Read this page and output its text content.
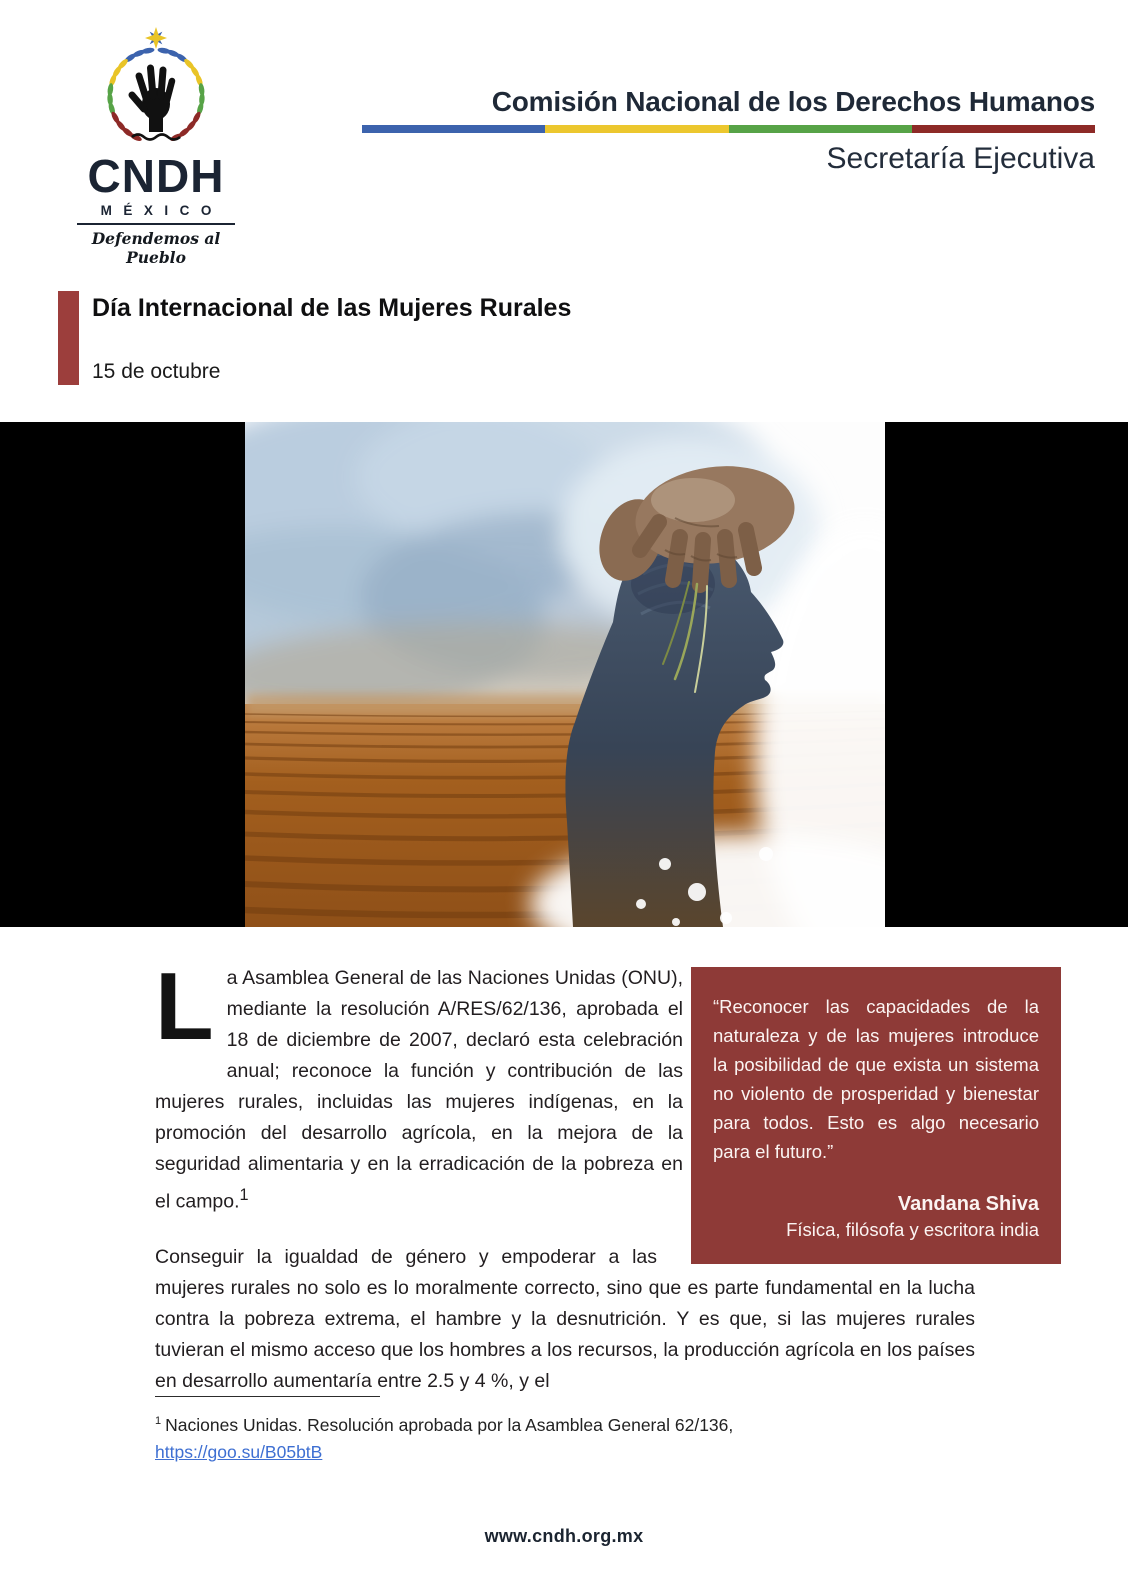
CNDH
MÉXICO
Defendemos al Pueblo
Comisión Nacional de los Derechos Humanos
Secretaría Ejecutiva
Día Internacional de las Mujeres Rurales
15 de octubre

La Asamblea General de las Naciones Unidas (ONU), mediante la resolución A/RES/62/136, aprobada el 18 de diciembre de 2007, declaró esta celebración anual; reconoce la función y contribución de las mujeres rurales, incluidas las mujeres indígenas, en la promoción del desarrollo agrícola, en la mejora de la seguridad alimentaria y en la erradicación de la pobreza en el campo.$^1$

Conseguir la igualdad de género y empoderar a las mujeres rurales no solo es lo moralmente correcto, sino que es parte fundamental en la lucha contra la pobreza extrema, el hambre y la desnutrición. Y es que, si las mujeres rurales tuvieran el mismo acceso que los hombres a los recursos, la producción agrícola en los países en desarrollo aumentaría entre 2.5 y 4 %, y el

“Reconocer las capacidades de la naturaleza y de las mujeres introduce la posibilidad de que exista un sistema no violento de prosperidad y bienestar para todos. Esto es algo necesario para el futuro.”
Vandana Shiva
Física, filósofa y escritora india
$^1$ Naciones Unidas. Resolución aprobada por la Asamblea General 62/136,
https://goo.su/B05btB
www.cndh.org.mx
